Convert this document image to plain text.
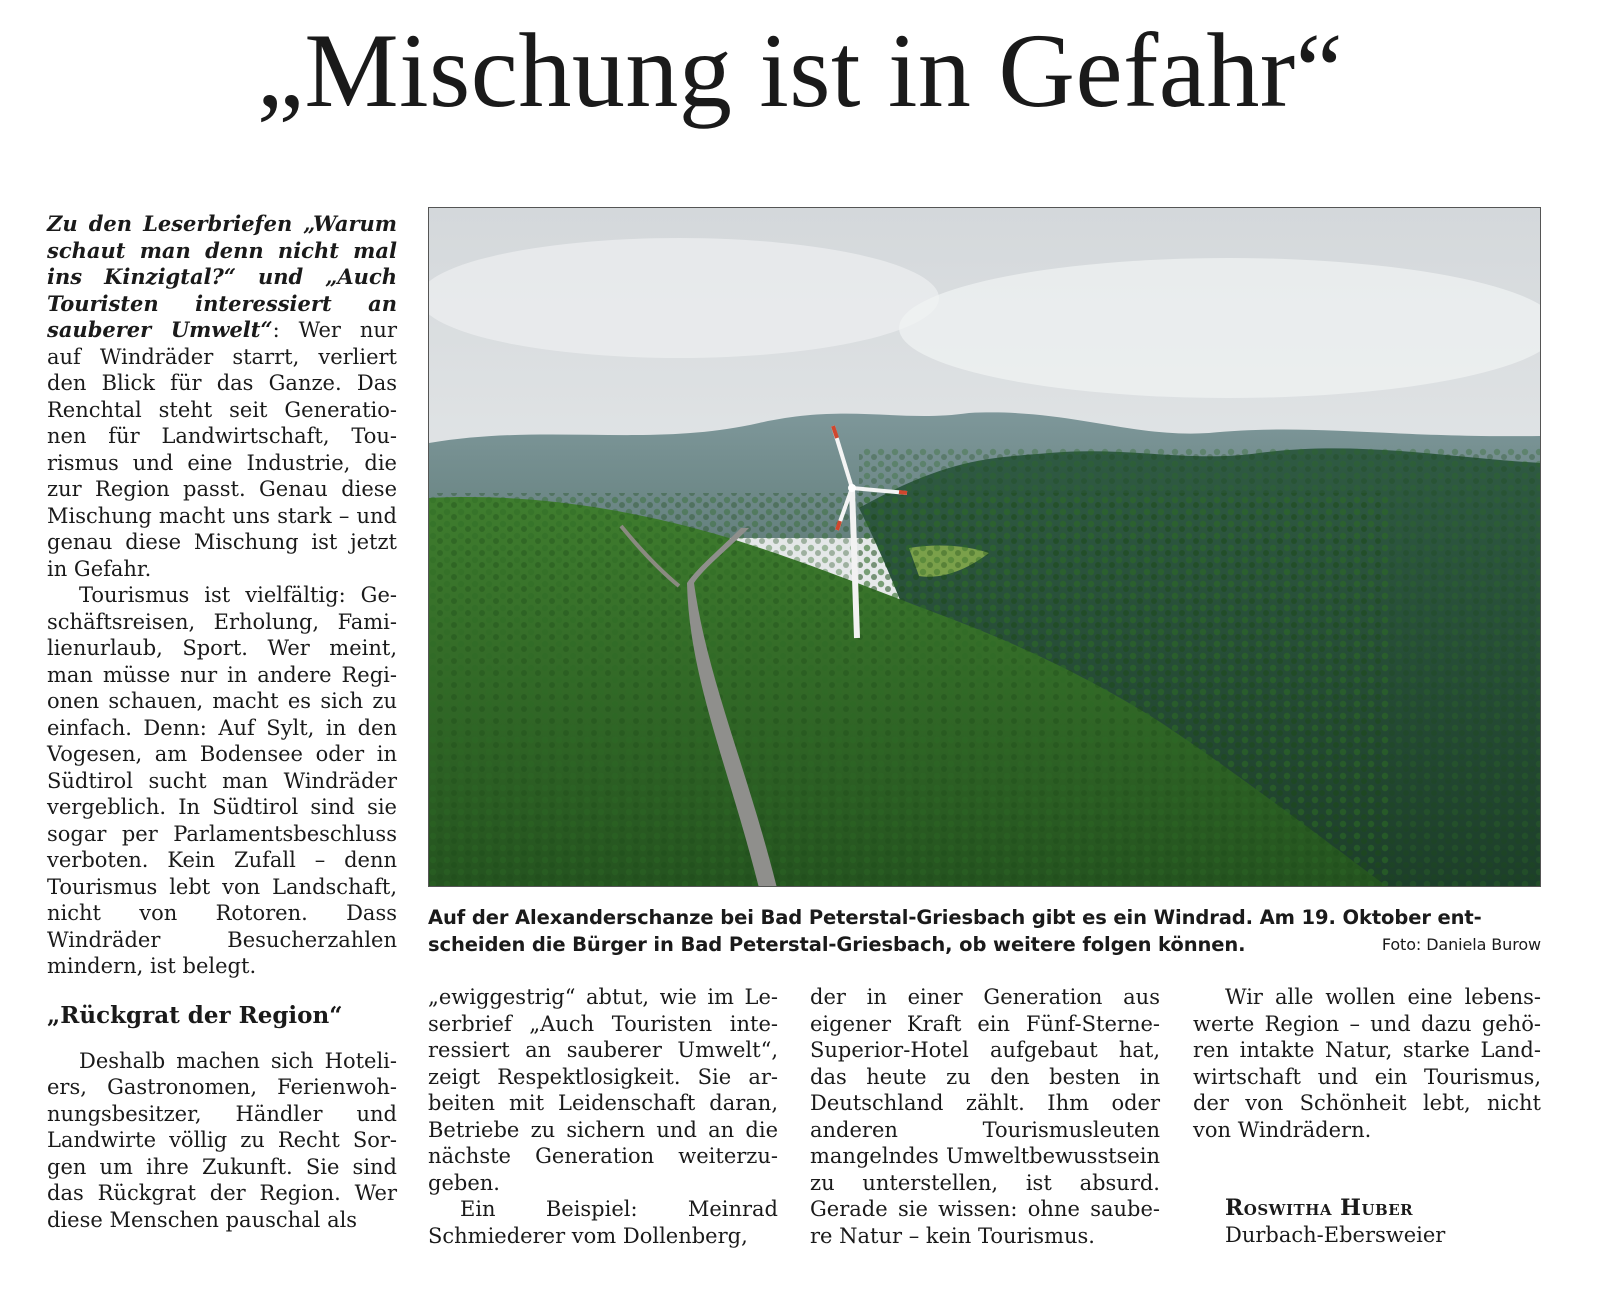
„Mischung ist in Gefahr“

Zu den Leserbriefen „Warum schaut man denn nicht mal ins Kinzigtal?“ und „Auch Touristen interessiert an sauberer Umwelt“: Wer nur auf Windräder starrt, verliert den Blick für das Ganze. Das Renchtal steht seit Generationen für Landwirtschaft, Tourismus und eine Industrie, die zur Region passt. Genau diese Mischung macht uns stark – und genau diese Mischung ist jetzt in Gefahr.

Tourismus ist vielfältig: Geschäftsreisen, Erholung, Familienurlaub, Sport. Wer meint, man müsse nur in andere Regionen schauen, macht es sich zu einfach. Denn: Auf Sylt, in den Vogesen, am Bodensee oder in Südtirol sucht man Windräder vergeblich. In Südtirol sind sie sogar per Parlamentsbeschluss verboten. Kein Zufall – denn Tourismus lebt von Landschaft, nicht von Rotoren. Dass Windräder Besucherzahlen mindern, ist belegt.

„Rückgrat der Region“

Deshalb machen sich Hoteliers, Gastronomen, Ferienwohnungsbesitzer, Händler und Landwirte völlig zu Recht Sorgen um ihre Zukunft. Sie sind das Rückgrat der Region. Wer diese Menschen pauschal als

Auf der Alexanderschanze bei Bad Peterstal-Griesbach gibt es ein Windrad. Am 19. Oktober entscheiden die Bürger in Bad Peterstal-Griesbach, ob weitere folgen können.	Foto: Daniela Burow

„ewiggestrig“ abtut, wie im Leserbrief „Auch Touristen interessiert an sauberer Umwelt“, zeigt Respektlosigkeit. Sie arbeiten mit Leidenschaft daran, Betriebe zu sichern und an die nächste Generation weiterzugeben.

Ein Beispiel: Meinrad Schmiederer vom Dollenberg,

der in einer Generation aus eigener Kraft ein Fünf-Sterne-Superior-Hotel aufgebaut hat, das heute zu den besten in Deutschland zählt. Ihm oder anderen Tourismusleuten mangelndes Umweltbewusstsein zu unterstellen, ist absurd. Gerade sie wissen: ohne saubere Natur – kein Tourismus.

Wir alle wollen eine lebenswerte Region – und dazu gehören intakte Natur, starke Landwirtschaft und ein Tourismus, der von Schönheit lebt, nicht von Windrädern.

Roswitha Huber
Durbach-Ebersweier
